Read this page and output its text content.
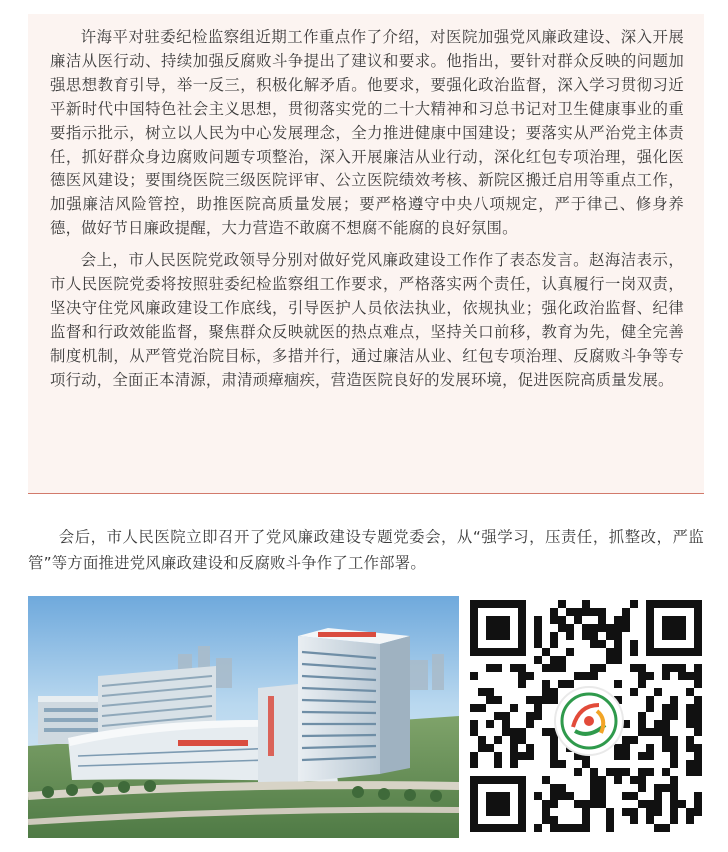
许海平对驻委纪检监察组近期工作重点作了介绍，对医院加强党风廉政建设、深入开展廉洁从医行动、持续加强反腐败斗争提出了建议和要求。他指出，要针对群众反映的问题加强思想教育引导，举一反三，积极化解矛盾。他要求，要强化政治监督，深入学习贯彻习近平新时代中国特色社会主义思想，贯彻落实党的二十大精神和习总书记对卫生健康事业的重要指示批示，树立以人民为中心发展理念，全力推进健康中国建设；要落实从严治党主体责任，抓好群众身边腐败问题专项整治，深入开展廉洁从业行动，深化红包专项治理，强化医德医风建设；要围绕医院三级医院评审、公立医院绩效考核、新院区搬迁启用等重点工作，加强廉洁风险管控，助推医院高质量发展；要严格遵守中央八项规定，严于律己、修身养德，做好节日廉政提醒，大力营造不敢腐不想腐不能腐的良好氛围。

会上，市人民医院党政领导分别对做好党风廉政建设工作作了表态发言。赵海洁表示，市人民医院党委将按照驻委纪检监察组工作要求，严格落实两个责任，认真履行一岗双责，坚决守住党风廉政建设工作底线，引导医护人员依法执业，依规执业；强化政治监督、纪律监督和行政效能监督，聚焦群众反映就医的热点难点，坚持关口前移，教育为先，健全完善制度机制，从严管党治院目标，多措并行，通过廉洁从业、红包专项治理、反腐败斗争等专项行动，全面正本清源，肃清顽瘴痼疾，营造医院良好的发展环境，促进医院高质量发展。

会后，市人民医院立即召开了党风廉政建设专题党委会，从“强学习，压责任，抓整改，严监管”等方面推进党风廉政建设和反腐败斗争作了工作部署。
